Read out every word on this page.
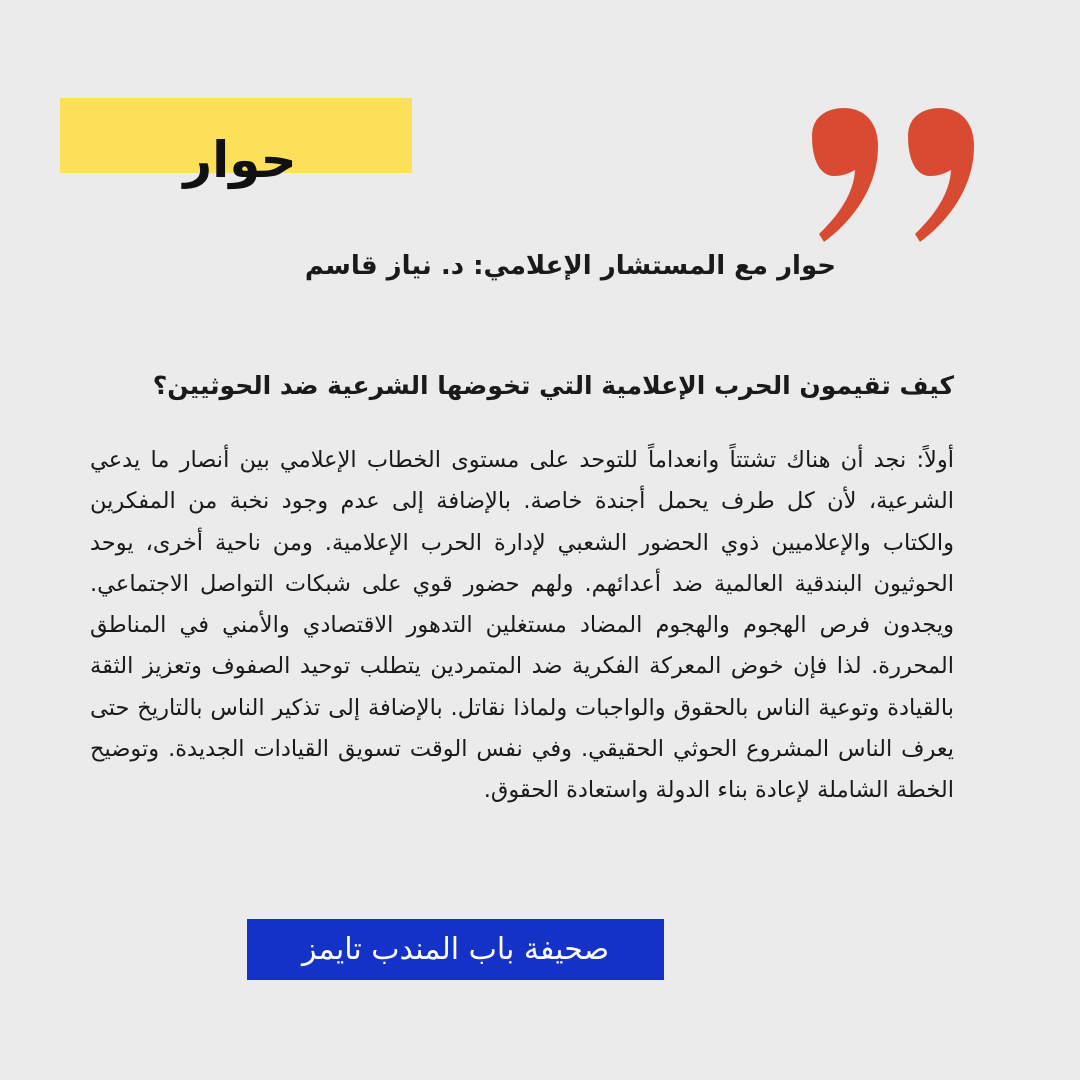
حوار
حوار مع المستشار الإعلامي: د. نياز قاسم
كيف تقيمون الحرب الإعلامية التي تخوضها الشرعية ضد الحوثيين؟
أولاً: نجد أن هناك تشتتاً وانعداماً للتوحد على مستوى الخطاب الإعلامي بين أنصار ما يدعي الشرعية، لأن كل طرف يحمل أجندة خاصة. بالإضافة إلى عدم وجود نخبة من المفكرين والكتاب والإعلاميين ذوي الحضور الشعبي لإدارة الحرب الإعلامية. ومن ناحية أخرى، يوحد الحوثيون البندقية العالمية ضد أعدائهم. ولهم حضور قوي على شبكات التواصل الاجتماعي. ويجدون فرص الهجوم والهجوم المضاد مستغلين التدهور الاقتصادي والأمني في المناطق المحررة. لذا فإن خوض المعركة الفكرية ضد المتمردين يتطلب توحيد الصفوف وتعزيز الثقة بالقيادة وتوعية الناس بالحقوق والواجبات ولماذا نقاتل. بالإضافة إلى تذكير الناس بالتاريخ حتى يعرف الناس المشروع الحوثي الحقيقي. وفي نفس الوقت تسويق القيادات الجديدة. وتوضيح الخطة الشاملة لإعادة بناء الدولة واستعادة الحقوق.
صحيفة باب المندب تايمز
